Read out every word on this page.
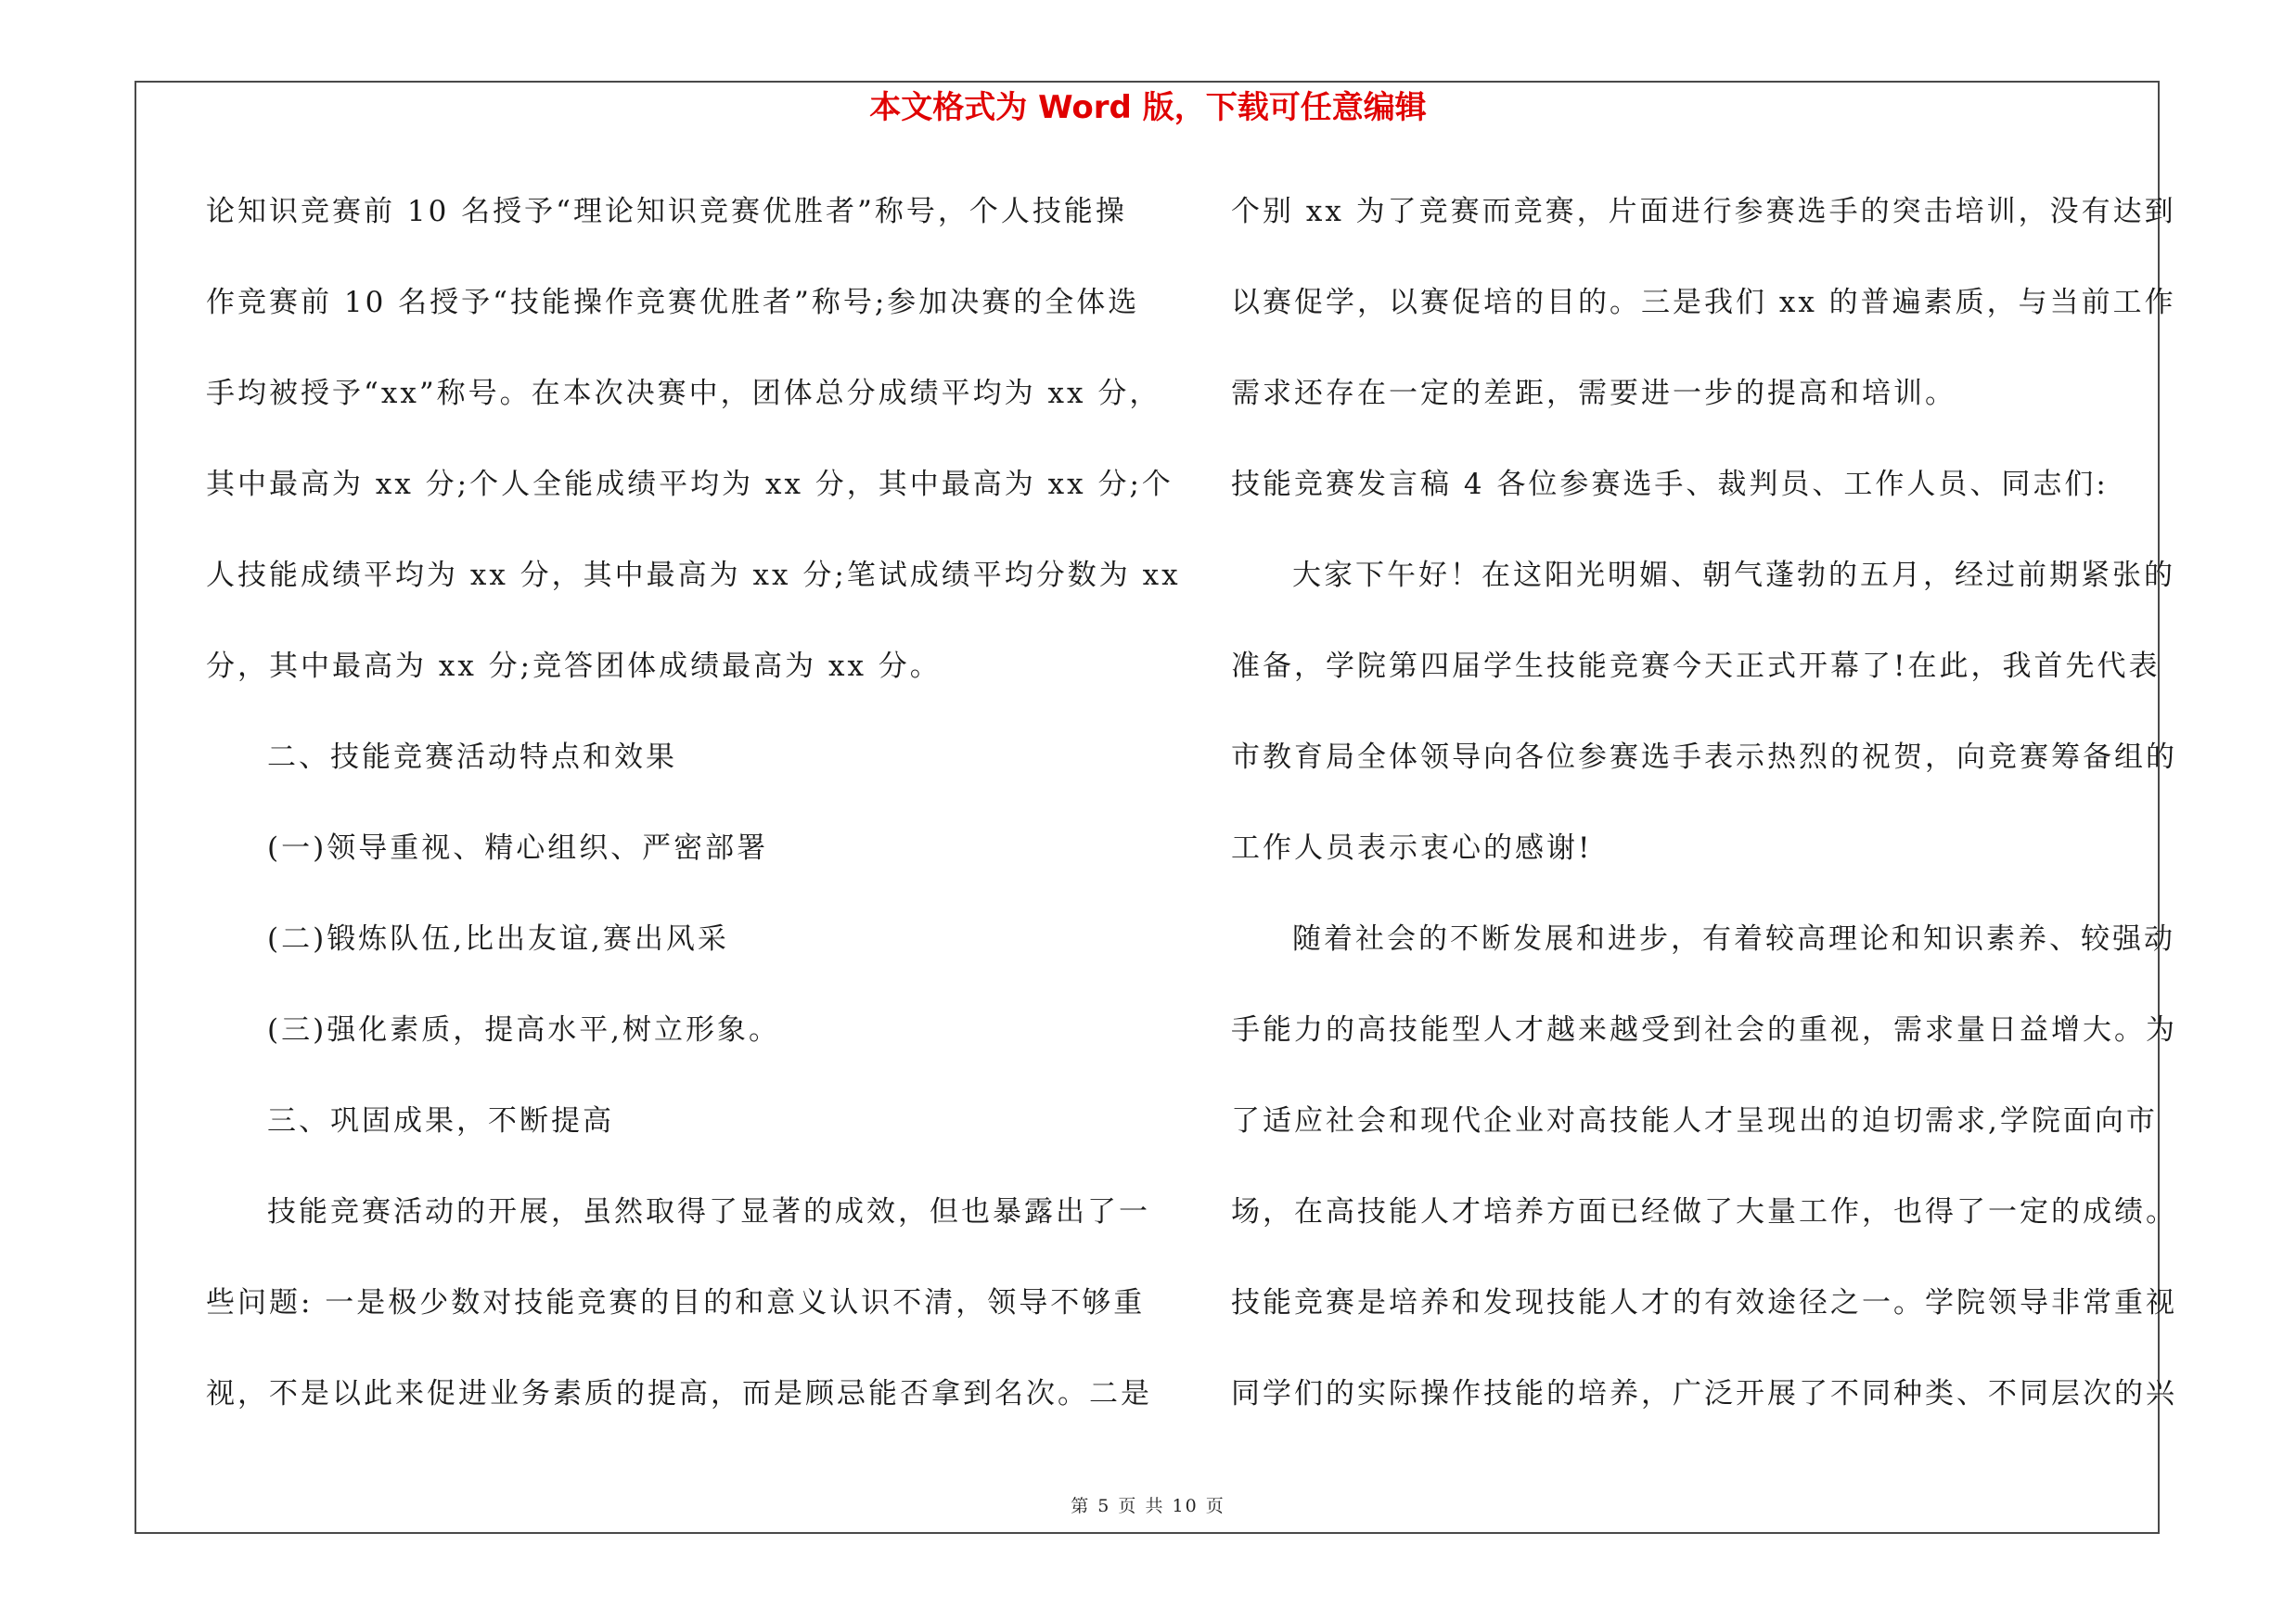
本文格式为 Word 版，下载可任意编辑
论知识竞赛前 10 名授予“理论知识竞赛优胜者”称号，个人技能操
作竞赛前 10 名授予“技能操作竞赛优胜者”称号;参加决赛的全体选
手均被授予“xx”称号。在本次决赛中，团体总分成绩平均为 xx 分，
其中最高为 xx 分;个人全能成绩平均为 xx 分，其中最高为 xx 分;个
人技能成绩平均为 xx 分，其中最高为 xx 分;笔试成绩平均分数为 xx
分，其中最高为 xx 分;竞答团体成绩最高为 xx 分。
二、技能竞赛活动特点和效果
(一)领导重视、精心组织、严密部署
(二)锻炼队伍,比出友谊,赛出风采
(三)强化素质，提高水平,树立形象。
三、巩固成果，不断提高
技能竞赛活动的开展，虽然取得了显著的成效，但也暴露出了一
些问题: 一是极少数对技能竞赛的目的和意义认识不清，领导不够重
视，不是以此来促进业务素质的提高，而是顾忌能否拿到名次。二是
个别 xx 为了竞赛而竞赛，片面进行参赛选手的突击培训，没有达到
以赛促学，以赛促培的目的。三是我们 xx 的普遍素质，与当前工作
需求还存在一定的差距，需要进一步的提高和培训。
技能竞赛发言稿 4 各位参赛选手、裁判员、工作人员、同志们:
大家下午好！在这阳光明媚、朝气蓬勃的五月，经过前期紧张的
准备，学院第四届学生技能竞赛今天正式开幕了!在此，我首先代表
市教育局全体领导向各位参赛选手表示热烈的祝贺，向竞赛筹备组的
工作人员表示衷心的感谢!
随着社会的不断发展和进步，有着较高理论和知识素养、较强动
手能力的高技能型人才越来越受到社会的重视，需求量日益增大。为
了适应社会和现代企业对高技能人才呈现出的迫切需求,学院面向市
场，在高技能人才培养方面已经做了大量工作，也得了一定的成绩。
技能竞赛是培养和发现技能人才的有效途径之一。学院领导非常重视
同学们的实际操作技能的培养，广泛开展了不同种类、不同层次的兴
第 5 页 共 10 页
